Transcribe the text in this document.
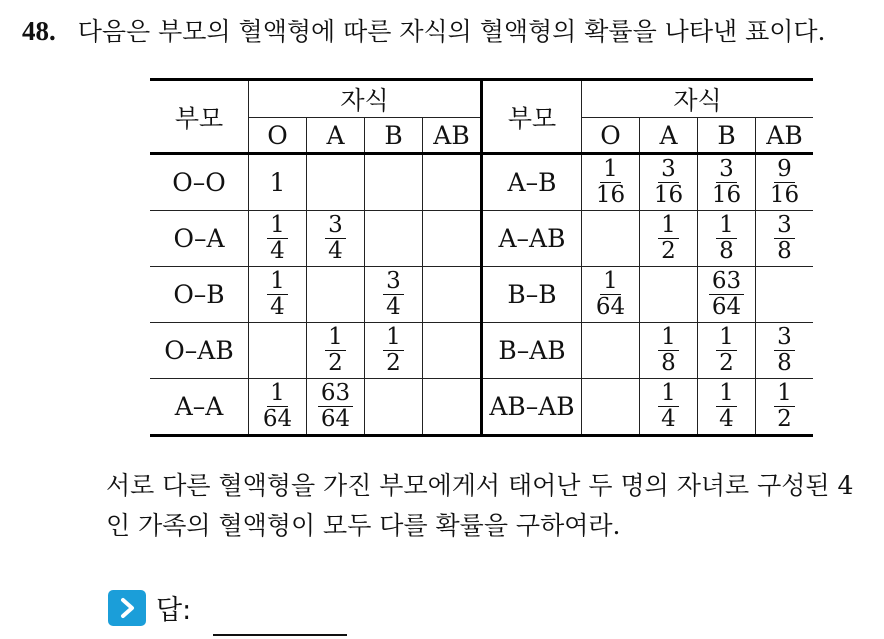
48. 다음은 부모의 혈액형에 따른 자식의 혈액형의 확률을 나타낸 표이다.
부모	자식				부모	자식			
	O	A	B	AB		O	A	B	AB
O–O	1				A–B	$\frac{1}{16}$	$\frac{3}{16}$	$\frac{3}{16}$	$\frac{9}{16}$

O–A	$\frac{1}{4}$	$\frac{3}{4}$			A–AB		$\frac{1}{2}$	$\frac{1}{8}$	$\frac{3}{8}$

O–B	$\frac{1}{4}$		$\frac{3}{4}$		B–B	$\frac{1}{64}$		$\frac{63}{64}$

O–AB		$\frac{1}{2}$	$\frac{1}{2}$		B–AB		$\frac{1}{8}$	$\frac{1}{2}$	$\frac{3}{8}$

A–A	$\frac{1}{64}$	$\frac{63}{64}$			AB–AB		$\frac{1}{4}$	$\frac{1}{4}$	$\frac{1}{2}$
서로 다른 혈액형을 가진 부모에게서 태어난 두 명의 자녀로 구성된 4
인 가족의 혈액형이 모두 다를 확률을 구하여라.
답:
